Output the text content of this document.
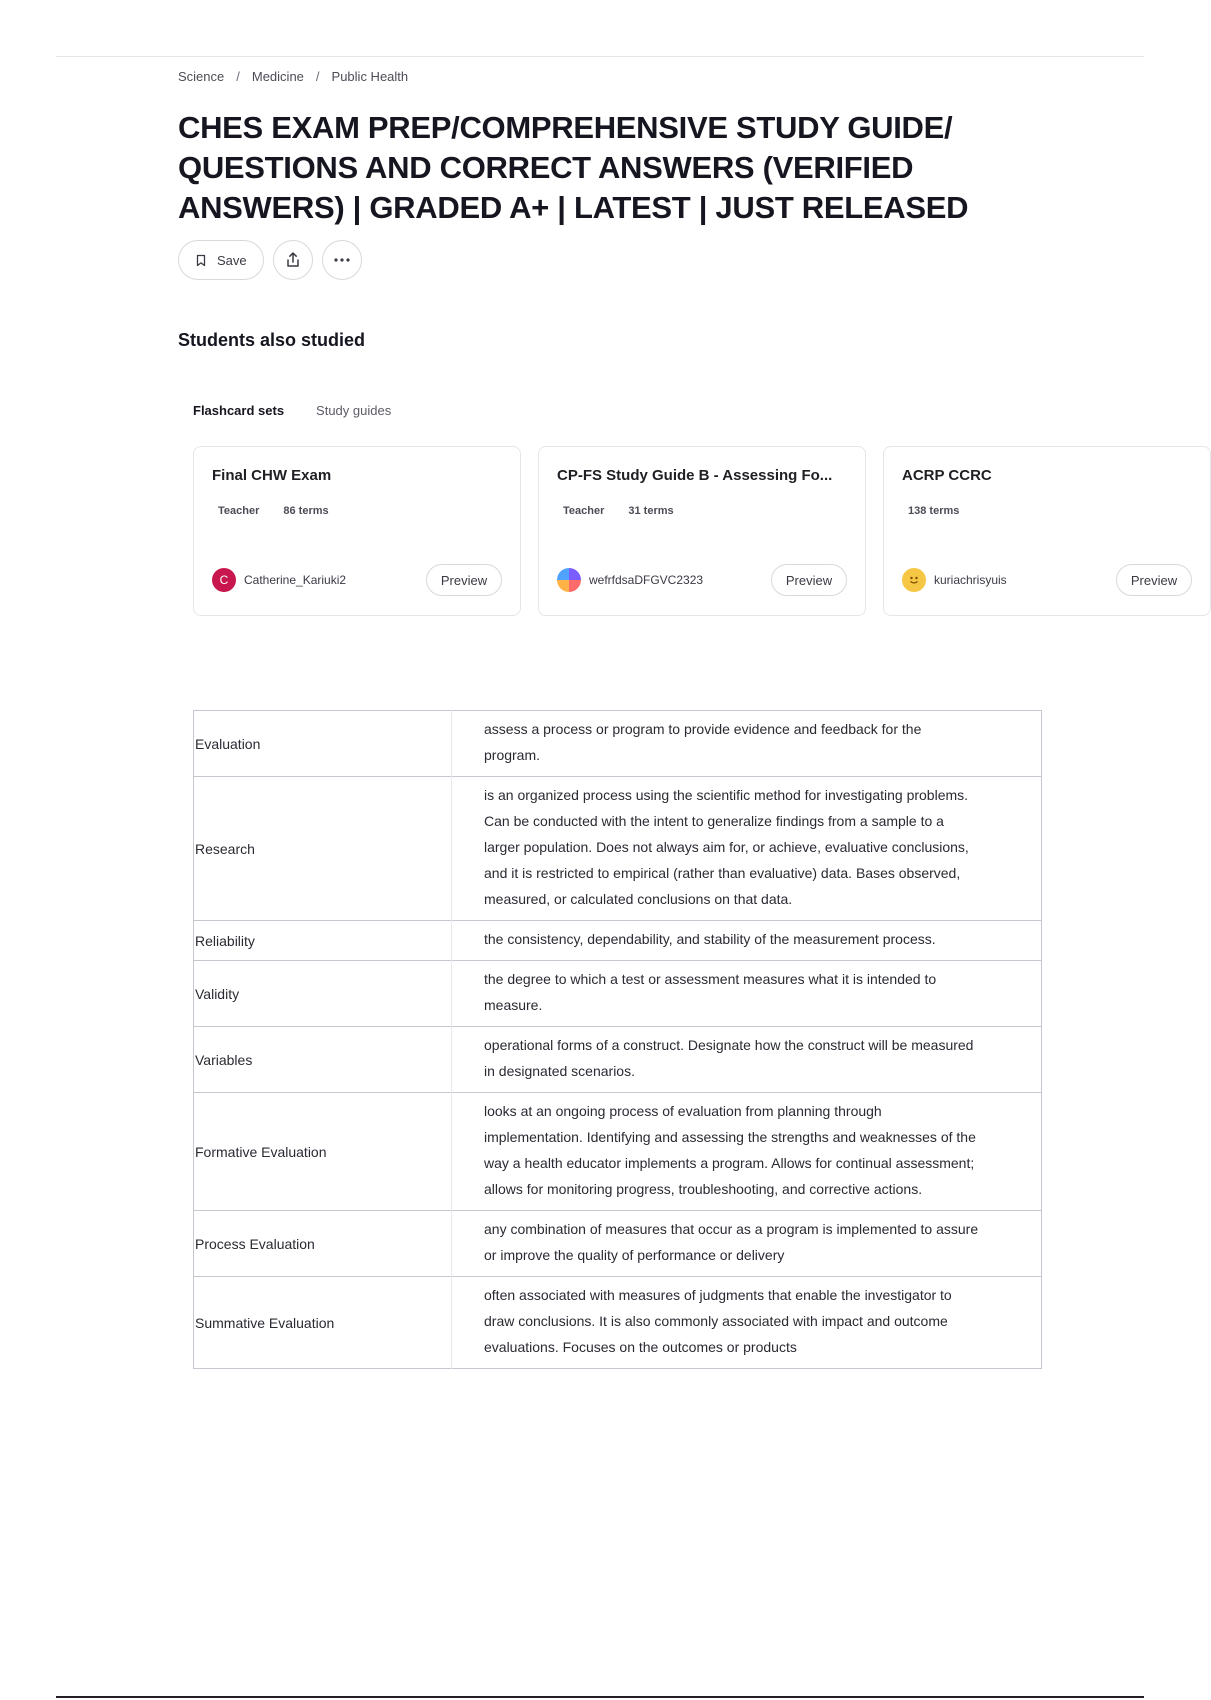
Science / Medicine / Public Health
CHES EXAM PREP/COMPREHENSIVE STUDY GUIDE/ QUESTIONS AND CORRECT ANSWERS (VERIFIED ANSWERS) | GRADED A+ | LATEST | JUST RELEASED
Save
Students also studied
Flashcard sets Study guides
Final CHW Exam
Teacher 86 terms
C	Catherine_Kariuki2	Preview
CP-FS Study Guide B - Assessing Fo...
Teacher 31 terms
wefrfdsaDFGVC2323	Preview
ACRP CCRC
138 terms
kuriachrisyuis	Preview
Evaluation	assess a process or program to provide evidence and feedback for the program.
Research	is an organized process using the scientific method for investigating problems. Can be conducted with the intent to generalize findings from a sample to a larger population. Does not always aim for, or achieve, evaluative conclusions, and it is restricted to empirical (rather than evaluative) data. Bases observed, measured, or calculated conclusions on that data.
Reliability	the consistency, dependability, and stability of the measurement process.
Validity	the degree to which a test or assessment measures what it is intended to measure.
Variables	operational forms of a construct. Designate how the construct will be measured in designated scenarios.
Formative Evaluation	looks at an ongoing process of evaluation from planning through implementation. Identifying and assessing the strengths and weaknesses of the way a health educator implements a program. Allows for continual assessment; allows for monitoring progress, troubleshooting, and corrective actions.
Process Evaluation	any combination of measures that occur as a program is implemented to assure or improve the quality of performance or delivery
Summative Evaluation	often associated with measures of judgments that enable the investigator to draw conclusions. It is also commonly associated with impact and outcome evaluations. Focuses on the outcomes or products
